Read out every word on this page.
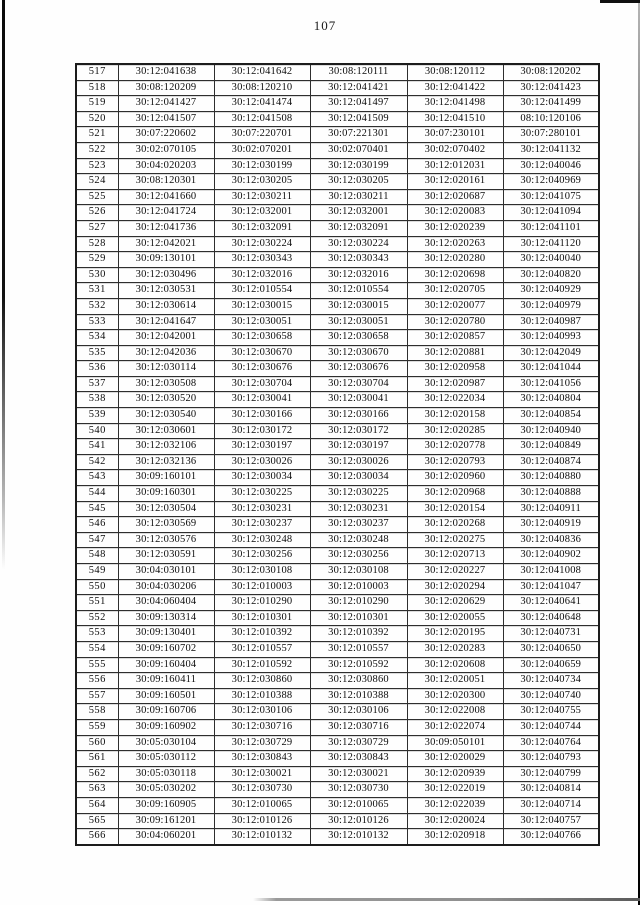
107
517	30:12:041638	30:12:041642	30:08:120111	30:08:120112	30:08:120202
518	30:08:120209	30:08:120210	30:12:041421	30:12:041422	30:12:041423
519	30:12:041427	30:12:041474	30:12:041497	30:12:041498	30:12:041499
520	30:12:041507	30:12:041508	30:12:041509	30:12:041510	08:10:120106
521	30:07:220602	30:07:220701	30:07:221301	30:07:230101	30:07:280101
522	30:02:070105	30:02:070201	30:02:070401	30:02:070402	30:12:041132
523	30:04:020203	30:12:030199	30:12:030199	30:12:012031	30:12:040046
524	30:08:120301	30:12:030205	30:12:030205	30:12:020161	30:12:040969
525	30:12:041660	30:12:030211	30:12:030211	30:12:020687	30:12:041075
526	30:12:041724	30:12:032001	30:12:032001	30:12:020083	30:12:041094
527	30:12:041736	30:12:032091	30:12:032091	30:12:020239	30:12:041101
528	30:12:042021	30:12:030224	30:12:030224	30:12:020263	30:12:041120
529	30:09:130101	30:12:030343	30:12:030343	30:12:020280	30:12:040040
530	30:12:030496	30:12:032016	30:12:032016	30:12:020698	30:12:040820
531	30:12:030531	30:12:010554	30:12:010554	30:12:020705	30:12:040929
532	30:12:030614	30:12:030015	30:12:030015	30:12:020077	30:12:040979
533	30:12:041647	30:12:030051	30:12:030051	30:12:020780	30:12:040987
534	30:12:042001	30:12:030658	30:12:030658	30:12:020857	30:12:040993
535	30:12:042036	30:12:030670	30:12:030670	30:12:020881	30:12:042049
536	30:12:030114	30:12:030676	30:12:030676	30:12:020958	30:12:041044
537	30:12:030508	30:12:030704	30:12:030704	30:12:020987	30:12:041056
538	30:12:030520	30:12:030041	30:12:030041	30:12:022034	30:12:040804
539	30:12:030540	30:12:030166	30:12:030166	30:12:020158	30:12:040854
540	30:12:030601	30:12:030172	30:12:030172	30:12:020285	30:12:040940
541	30:12:032106	30:12:030197	30:12:030197	30:12:020778	30:12:040849
542	30:12:032136	30:12:030026	30:12:030026	30:12:020793	30:12:040874
543	30:09:160101	30:12:030034	30:12:030034	30:12:020960	30:12:040880
544	30:09:160301	30:12:030225	30:12:030225	30:12:020968	30:12:040888
545	30:12:030504	30:12:030231	30:12:030231	30:12:020154	30:12:040911
546	30:12:030569	30:12:030237	30:12:030237	30:12:020268	30:12:040919
547	30:12:030576	30:12:030248	30:12:030248	30:12:020275	30:12:040836
548	30:12:030591	30:12:030256	30:12:030256	30:12:020713	30:12:040902
549	30:04:030101	30:12:030108	30:12:030108	30:12:020227	30:12:041008
550	30:04:030206	30:12:010003	30:12:010003	30:12:020294	30:12:041047
551	30:04:060404	30:12:010290	30:12:010290	30:12:020629	30:12:040641
552	30:09:130314	30:12:010301	30:12:010301	30:12:020055	30:12:040648
553	30:09:130401	30:12:010392	30:12:010392	30:12:020195	30:12:040731
554	30:09:160702	30:12:010557	30:12:010557	30:12:020283	30:12:040650
555	30:09:160404	30:12:010592	30:12:010592	30:12:020608	30:12:040659
556	30:09:160411	30:12:030860	30:12:030860	30:12:020051	30:12:040734
557	30:09:160501	30:12:010388	30:12:010388	30:12:020300	30:12:040740
558	30:09:160706	30:12:030106	30:12:030106	30:12:022008	30:12:040755
559	30:09:160902	30:12:030716	30:12:030716	30:12:022074	30:12:040744
560	30:05:030104	30:12:030729	30:12:030729	30:09:050101	30:12:040764
561	30:05:030112	30:12:030843	30:12:030843	30:12:020029	30:12:040793
562	30:05:030118	30:12:030021	30:12:030021	30:12:020939	30:12:040799
563	30:05:030202	30:12:030730	30:12:030730	30:12:022019	30:12:040814
564	30:09:160905	30:12:010065	30:12:010065	30:12:022039	30:12:040714
565	30:09:161201	30:12:010126	30:12:010126	30:12:020024	30:12:040757
566	30:04:060201	30:12:010132	30:12:010132	30:12:020918	30:12:040766
